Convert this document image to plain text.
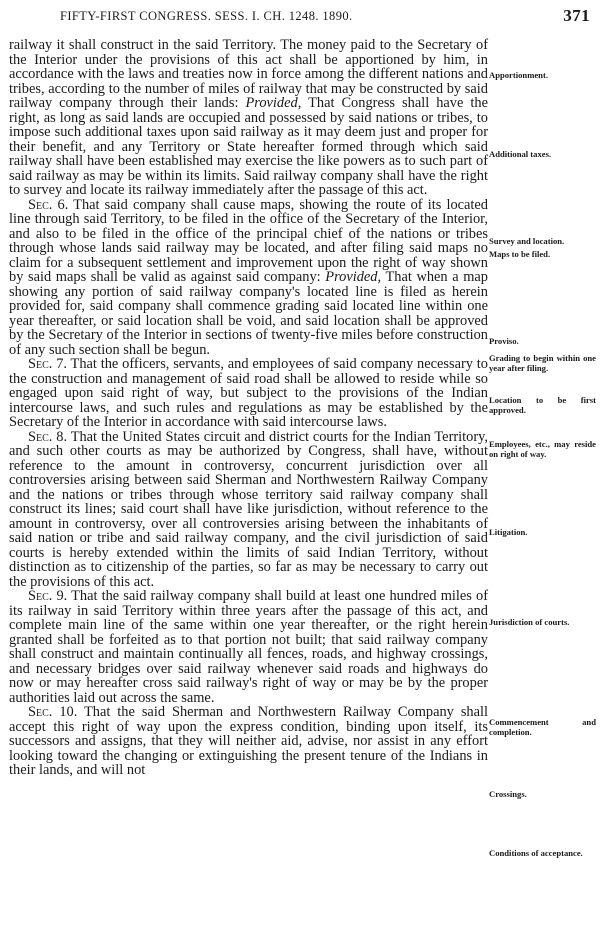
FIFTY-FIRST CONGRESS. SESS. I. CH. 1248. 1890.	371

railway it shall construct in the said Territory. The money paid to the Secretary of the Interior under the provisions of this act shall be apportioned by him, in accordance with the laws and treaties now in force among the different nations and tribes, according to the number of miles of railway that may be constructed by said railway company through their lands: Provided, That Congress shall have the right, as long as said lands are occupied and possessed by said nations or tribes, to impose such additional taxes upon said railway as it may deem just and proper for their benefit, and any Territory or State hereafter formed through which said railway shall have been established may exercise the like powers as to such part of said railway as may be within its limits. Said railway company shall have the right to survey and locate its railway immediately after the passage of this act.

Sec. 6. That said company shall cause maps, showing the route of its located line through said Territory, to be filed in the office of the Secretary of the Interior, and also to be filed in the office of the principal chief of the nations or tribes through whose lands said railway may be located, and after filing said maps no claim for a subsequent settlement and improvement upon the right of way shown by said maps shall be valid as against said company: Provided, That when a map showing any portion of said railway company's located line is filed as herein provided for, said company shall commence grading said located line within one year thereafter, or said location shall be void, and said location shall be approved by the Secretary of the Interior in sections of twenty-five miles before construction of any such section shall be begun.

Sec. 7. That the officers, servants, and employees of said company necessary to the construction and management of said road shall be allowed to reside while so engaged upon said right of way, but subject to the provisions of the Indian intercourse laws, and such rules and regulations as may be established by the Secretary of the Interior in accordance with said intercourse laws.

Sec. 8. That the United States circuit and district courts for the Indian Territory, and such other courts as may be authorized by Congress, shall have, without reference to the amount in controversy, concurrent jurisdiction over all controversies arising between said Sherman and Northwestern Railway Company and the nations or tribes through whose territory said railway company shall construct its lines; said court shall have like jurisdiction, without reference to the amount in controversy, over all controversies arising between the inhabitants of said nation or tribe and said railway company, and the civil jurisdiction of said courts is hereby extended within the limits of said Indian Territory, without distinction as to citizenship of the parties, so far as may be necessary to carry out the provisions of this act.

Sec. 9. That the said railway company shall build at least one hundred miles of its railway in said Territory within three years after the passage of this act, and complete main line of the same within one year thereafter, or the right herein granted shall be forfeited as to that portion not built; that said railway company shall construct and maintain continually all fences, roads, and highway crossings, and necessary bridges over said railway whenever said roads and highways do now or may hereafter cross said railway's right of way or may be by the proper authorities laid out across the same.

Sec. 10. That the said Sherman and Northwestern Railway Company shall accept this right of way upon the express condition, binding upon itself, its successors and assigns, that they will neither aid, advise, nor assist in any effort looking toward the changing or extinguishing the present tenure of the Indians in their lands, and will not

Apportionment.
Additional taxes.
Survey and location.
Maps to be filed.
Proviso.
Grading to begin within one year after filing.
Location to be first approved.
Employees, etc., may reside on right of way.
Litigation.
Jurisdiction of courts.
Commencement and completion.
Crossings.
Conditions of acceptance.
